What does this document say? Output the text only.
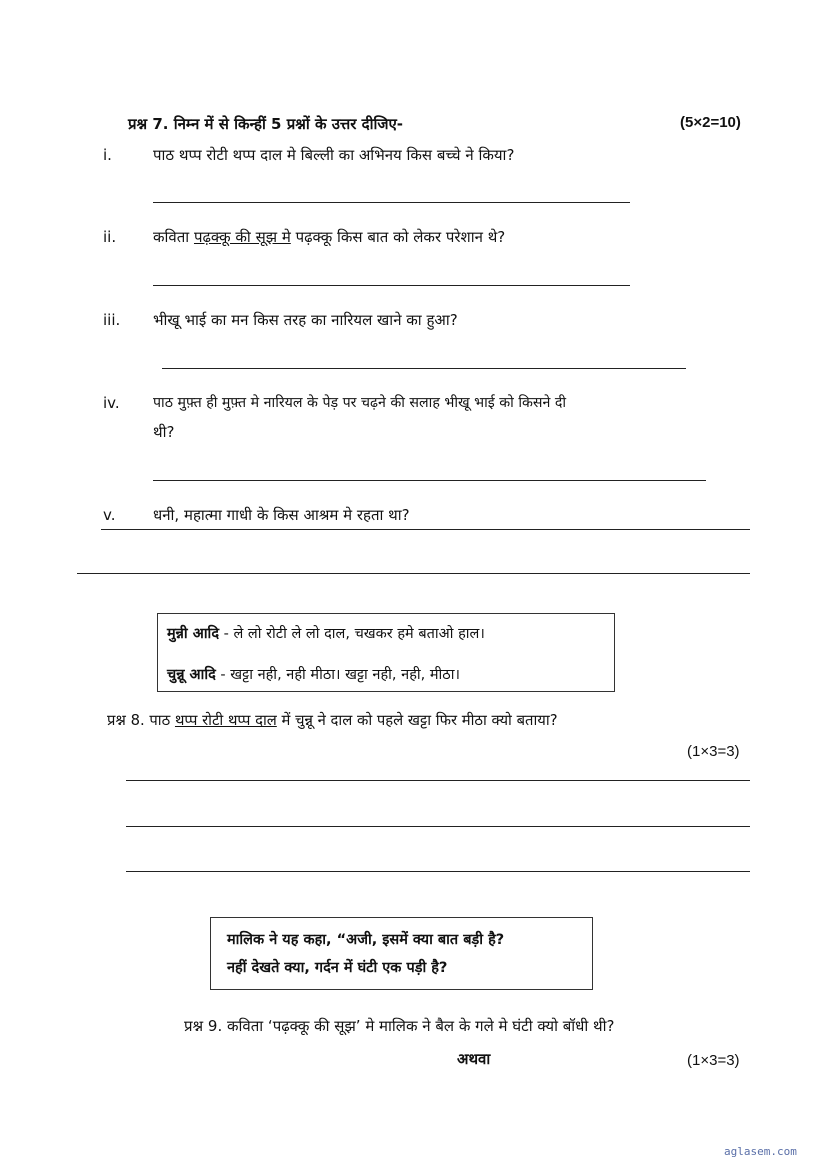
प्रश्न 7. निम्न में से किन्हीं 5 प्रश्नों के उत्तर दीजिए-	(5×2=10)
i.	पाठ थप्प रोटी थप्प दाल मे बिल्ली का अभिनय किस बच्चे ने किया?
ii. कविता पढ़क्कू की सूझ मे पढ़क्कू किस बात को लेकर परेशान थे?
iii. भीखू भाई का मन किस तरह का नारियल खाने का हुआ?
iv. पाठ मुफ़्त ही मुफ़्त मे नारियल के पेड़ पर चढ़ने की सलाह भीखू भाई को किसने दी
थी?
v.	धनी, महात्मा गाधी के किस आश्रम मे रहता था?
मुन्नी आदि - ले लो रोटी ले लो दाल, चखकर हमे बताओ हाल।
चुन्नू आदि - खट्टा नही, नही मीठा। खट्टा नही, नही, मीठा।
प्रश्न 8. पाठ थप्प रोटी थप्प दाल में चुन्नू ने दाल को पहले खट्टा फिर मीठा क्यो बताया?
(1×3=3)
मालिक ने यह कहा, “अजी, इसमें क्या बात बड़ी है?
नहीं देखते क्या, गर्दन में घंटी एक पड़ी है?
प्रश्न 9. कविता ‘पढ़क्कू की सूझ’ मे मालिक ने बैल के गले मे घंटी क्यो बॉधी थी?
अथवा	(1×3=3)
aglasem.com
